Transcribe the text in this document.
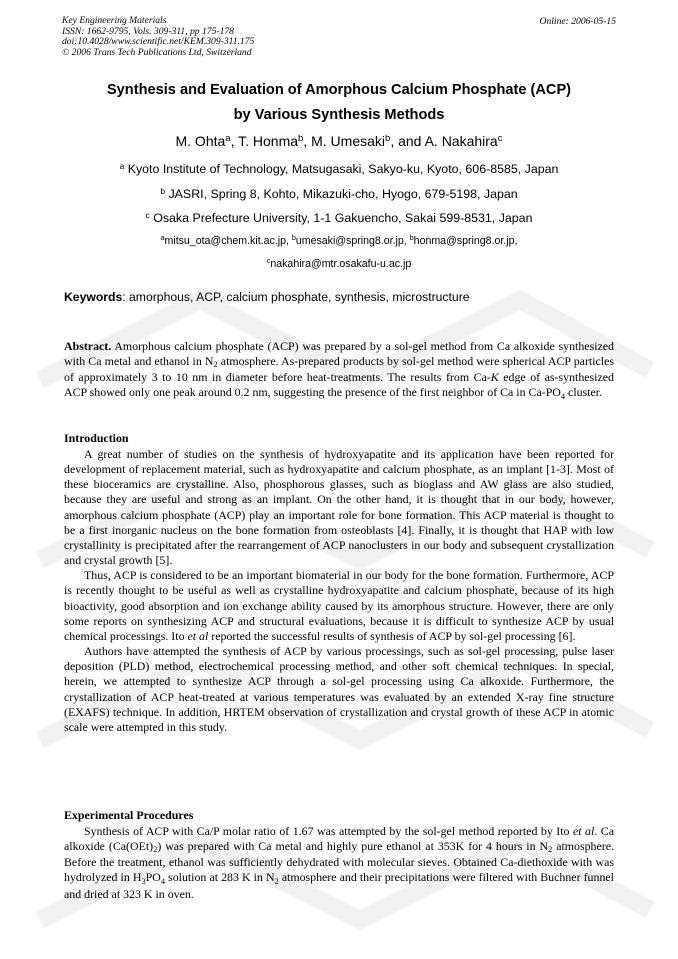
Key Engineering Materials
ISSN: 1662-9795, Vols. 309-311, pp 175-178
doi:10.4028/www.scientific.net/KEM.309-311.175
© 2006 Trans Tech Publications Ltd, Switzerland
Online: 2006-05-15
Synthesis and Evaluation of Amorphous Calcium Phosphate (ACP)
by Various Synthesis Methods
M. Ohta$^a$, T. Honma$^b$, M. Umesaki$^b$, and A. Nakahira$^c$
$^a$ Kyoto Institute of Technology, Matsugasaki, Sakyo-ku, Kyoto, 606-8585, Japan
$^b$ JASRI, Spring 8, Kohto, Mikazuki-cho, Hyogo, 679-5198, Japan
$^c$ Osaka Prefecture University, 1-1 Gakuencho, Sakai 599-8531, Japan
$^a$mitsu_ota@chem.kit.ac.jp, $^b$umesaki@spring8.or.jp, $^b$honma@spring8.or.jp,
$^c$nakahira@mtr.osakafu-u.ac.jp
Keywords: amorphous, ACP, calcium phosphate, synthesis, microstructure

Abstract. Amorphous calcium phosphate (ACP) was prepared by a sol-gel method from Ca alkoxide synthesized with Ca metal and ethanol in $N_2$ atmosphere. As-prepared products by sol-gel method were spherical ACP particles of approximately 3 to 10 nm in diameter before heat-treatments. The results from Ca-K edge of as-synthesized ACP showed only one peak around 0.2 nm, suggesting the presence of the first neighbor of Ca in $Ca-PO_4$ cluster.

Introduction

A great number of studies on the synthesis of hydroxyapatite and its application have been reported for development of replacement material, such as hydroxyapatite and calcium phosphate, as an implant [1-3]. Most of these bioceramics are crystalline. Also, phosphorous glasses, such as bioglass and AW glass are also studied, because they are useful and strong as an implant. On the other hand, it is thought that in our body, however, amorphous calcium phosphate (ACP) play an important role for bone formation. This ACP material is thought to be a first inorganic nucleus on the bone formation from osteoblasts [4]. Finally, it is thought that HAP with low crystallinity is precipitated after the rearrangement of ACP nanoclusters in our body and subsequent crystallization and crystal growth [5].

Thus, ACP is considered to be an important biomaterial in our body for the bone formation. Furthermore, ACP is recently thought to be useful as well as crystalline hydroxyapatite and calcium phosphate, because of its high bioactivity, good absorption and ion exchange ability caused by its amorphous structure. However, there are only some reports on synthesizing ACP and structural evaluations, because it is difficult to synthesize ACP by usual chemical processings. Ito et al reported the successful results of synthesis of ACP by sol-gel processing [6].

Authors have attempted the synthesis of ACP by various processings, such as sol-gel processing, pulse laser deposition (PLD) method, electrochemical processing method, and other soft chemical techniques. In special, herein, we attempted to synthesize ACP through a sol-gel processing using Ca alkoxide. Furthermore, the crystallization of ACP heat-treated at various temperatures was evaluated by an extended X-ray fine structure (EXAFS) technique. In addition, HRTEM observation of crystallization and crystal growth of these ACP in atomic scale were attempted in this study.

Experimental Procedures

Synthesis of ACP with Ca/P molar ratio of 1.67 was attempted by the sol-gel method reported by Ito et al. Ca alkoxide $(Ca(OEt)_2)$ was prepared with Ca metal and highly pure ethanol at 353K for 4 hours in $N_2$ atmosphere. Before the treatment, ethanol was sufficiently dehydrated with molecular sieves. Obtained Ca-diethoxide with was hydrolyzed in $H_3PO_4$ solution at 283 K in $N_2$ atmosphere and their precipitations were filtered with Buchner funnel and dried at 323 K in oven.
